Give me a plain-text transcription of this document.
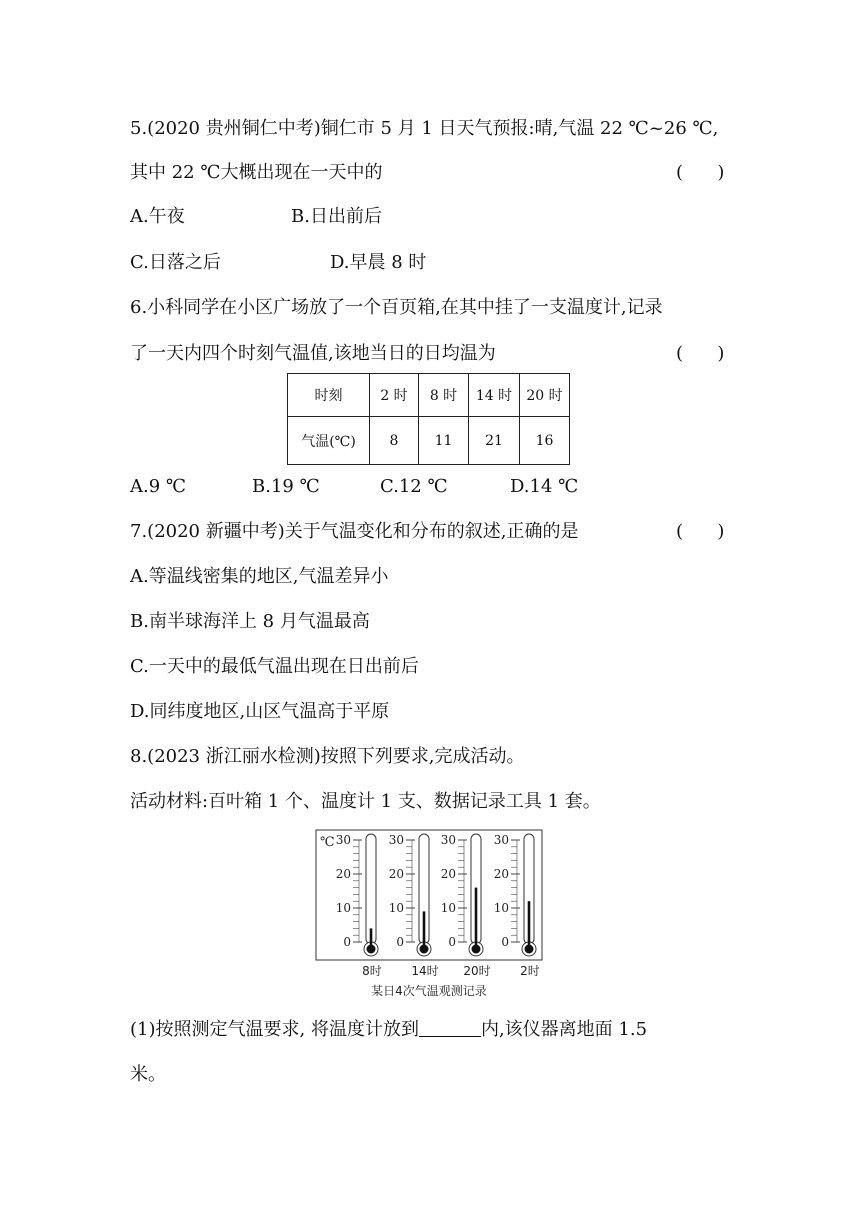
5.(2020 贵州铜仁中考)铜仁市 5 月 1 日天气预报:晴,气温 22 ℃~26 ℃,
其中 22 ℃大概出现在一天中的	(      )
A.午夜	B.日出前后
C.日落之后	D.早晨 8 时
6.小科同学在小区广场放了一个百页箱,在其中挂了一支温度计,记录
了一天内四个时刻气温值,该地当日的日均温为	(      )
时刻	2 时	8 时	14 时	20 时
气温(℃)	8	11	21	16
A.9 ℃	B.19 ℃	C.12 ℃	D.14 ℃
7.(2020 新疆中考)关于气温变化和分布的叙述,正确的是	(      )
A.等温线密集的地区,气温差异小
B.南半球海洋上 8 月气温最高
C.一天中的最低气温出现在日出前后
D.同纬度地区,山区气温高于平原
8.(2023 浙江丽水检测)按照下列要求,完成活动。
活动材料:百叶箱 1 个、温度计 1 支、数据记录工具 1 套。
℃ 30
20
10
0
8时
30
20
10
0
14时
30
20
10
0
20时
30
20
10
0
2时
某日4次气温观测记录
(1)按照测定气温要求, 将温度计放到	内,该仪器离地面 1.5
米。
